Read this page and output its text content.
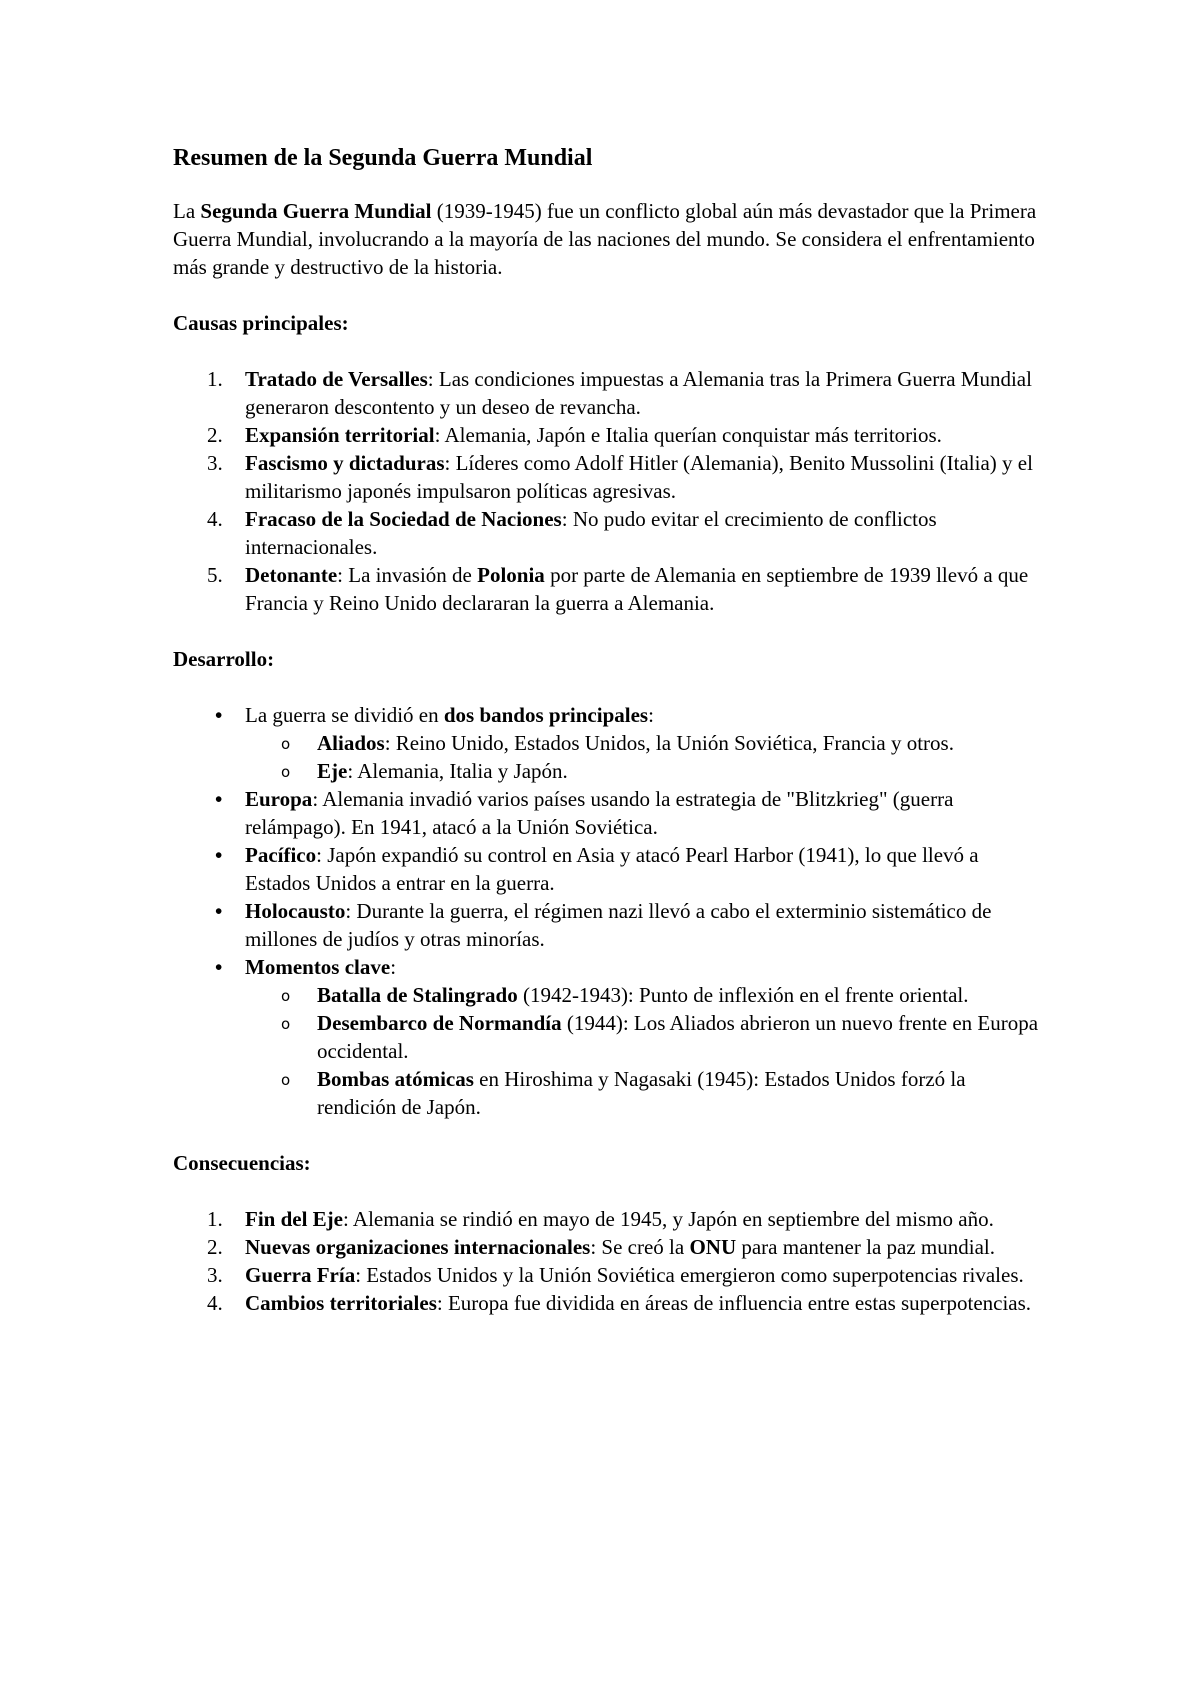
Resumen de la Segunda Guerra Mundial

La Segunda Guerra Mundial (1939-1945) fue un conflicto global aún más devastador que la Primera Guerra Mundial, involucrando a la mayoría de las naciones del mundo. Se considera el enfrentamiento más grande y destructivo de la historia.

Causas principales:
1. Tratado de Versalles: Las condiciones impuestas a Alemania tras la Primera Guerra Mundial generaron descontento y un deseo de revancha.
2. Expansión territorial: Alemania, Japón e Italia querían conquistar más territorios.
3. Fascismo y dictaduras: Líderes como Adolf Hitler (Alemania), Benito Mussolini (Italia) y el militarismo japonés impulsaron políticas agresivas.
4. Fracaso de la Sociedad de Naciones: No pudo evitar el crecimiento de conflictos internacionales.
5. Detonante: La invasión de Polonia por parte de Alemania en septiembre de 1939 llevó a que Francia y Reino Unido declararan la guerra a Alemania.
Desarrollo:
• La guerra se dividió en dos bandos principales:
o Aliados: Reino Unido, Estados Unidos, la Unión Soviética, Francia y otros.
o Eje: Alemania, Italia y Japón.
• Europa: Alemania invadió varios países usando la estrategia de "Blitzkrieg" (guerra relámpago). En 1941, atacó a la Unión Soviética.
• Pacífico: Japón expandió su control en Asia y atacó Pearl Harbor (1941), lo que llevó a Estados Unidos a entrar en la guerra.
• Holocausto: Durante la guerra, el régimen nazi llevó a cabo el exterminio sistemático de millones de judíos y otras minorías.
• Momentos clave:
o Batalla de Stalingrado (1942-1943): Punto de inflexión en el frente oriental.
o Desembarco de Normandía (1944): Los Aliados abrieron un nuevo frente en Europa occidental.
o Bombas atómicas en Hiroshima y Nagasaki (1945): Estados Unidos forzó la rendición de Japón.
Consecuencias:
1. Fin del Eje: Alemania se rindió en mayo de 1945, y Japón en septiembre del mismo año.
2. Nuevas organizaciones internacionales: Se creó la ONU para mantener la paz mundial.
3. Guerra Fría: Estados Unidos y la Unión Soviética emergieron como superpotencias rivales.
4. Cambios territoriales: Europa fue dividida en áreas de influencia entre estas superpotencias.
